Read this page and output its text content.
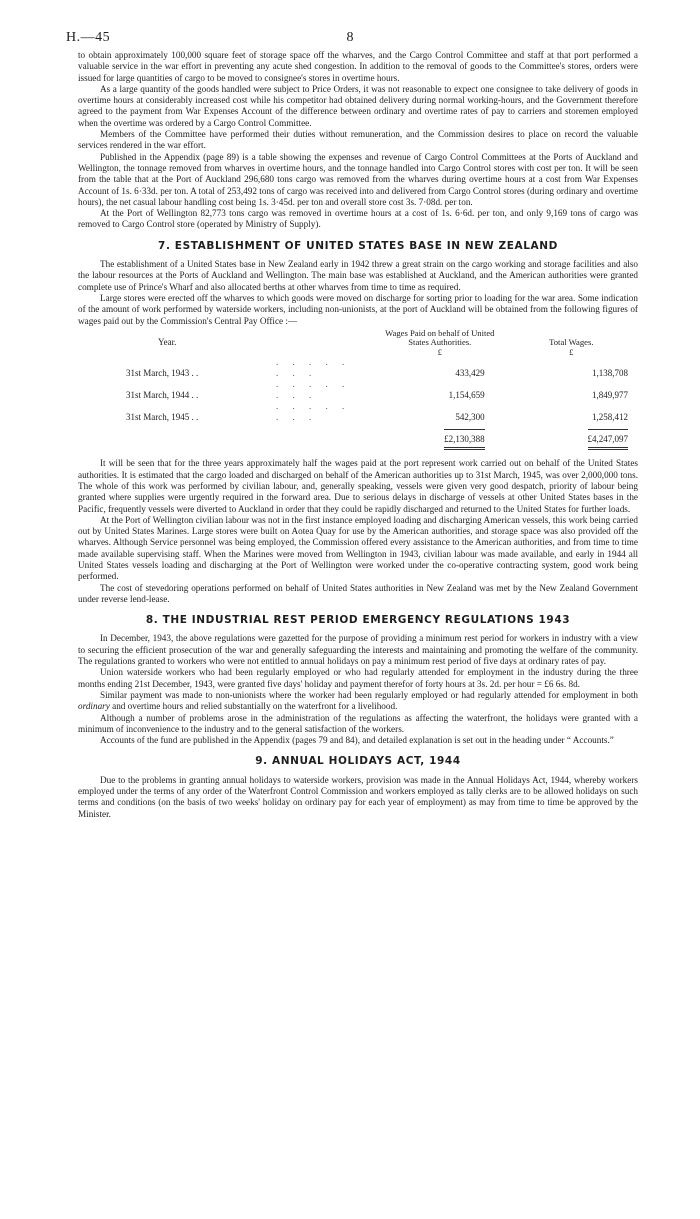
H.—45	8

to obtain approximately 100,000 square feet of storage space off the wharves, and the Cargo Control Committee and staff at that port performed a valuable service in the war effort in preventing any acute shed congestion. In addition to the removal of goods to the Committee's stores, orders were issued for large quantities of cargo to be moved to consignee's stores in overtime hours.

As a large quantity of the goods handled were subject to Price Orders, it was not reasonable to expect one consignee to take delivery of goods in overtime hours at considerably increased cost while his competitor had obtained delivery during normal working-hours, and the Government therefore agreed to the payment from War Expenses Account of the difference between ordinary and overtime rates of pay to carriers and storemen employed when the overtime was ordered by a Cargo Control Committee.

Members of the Committee have performed their duties without remuneration, and the Commission desires to place on record the valuable services rendered in the war effort.

Published in the Appendix (page 89) is a table showing the expenses and revenue of Cargo Control Committees at the Ports of Auckland and Wellington, the tonnage removed from wharves in overtime hours, and the tonnage handled into Cargo Control stores with cost per ton. It will be seen from the table that at the Port of Auckland 296,680 tons cargo was removed from the wharves during overtime hours at a cost from War Expenses Account of 1s. 6·33d. per ton. A total of 253,492 tons of cargo was received into and delivered from Cargo Control stores (during ordinary and overtime hours), the net casual labour handling cost being 1s. 3·45d. per ton and overall store cost 3s. 7·08d. per ton.

At the Port of Wellington 82,773 tons cargo was removed in overtime hours at a cost of 1s. 6·6d. per ton, and only 9,169 tons of cargo was removed to Cargo Control store (operated by Ministry of Supply).

7. ESTABLISHMENT OF UNITED STATES BASE IN NEW ZEALAND

The establishment of a United States base in New Zealand early in 1942 threw a great strain on the cargo working and storage facilities and also the labour resources at the Ports of Auckland and Wellington. The main base was established at Auckland, and the American authorities were granted complete use of Prince's Wharf and also allocated berths at other wharves from time to time as required.

Large stores were erected off the wharves to which goods were moved on discharge for sorting prior to loading for the war area. Some indication of the amount of work performed by waterside workers, including non-unionists, at the port of Auckland will be obtained from the following figures of wages paid out by the Commission's Central Pay Office :—

Year.		Wages Paid on behalf of United States Authorities.	Total Wages.
		£	£
31st March, 1943 . .	. . . . . . . .	433,429	1,138,708
31st March, 1944 . .	. . . . . . . .	1,154,659	1,849,977
31st March, 1945 . .	. . . . . . . .	542,300	1,258,412
		£2,130,388	£4,247,097

It will be seen that for the three years approximately half the wages paid at the port represent work carried out on behalf of the United States authorities. It is estimated that the cargo loaded and discharged on behalf of the American authorities up to 31st March, 1945, was over 2,000,000 tons. The whole of this work was performed by civilian labour, and, generally speaking, vessels were given very good despatch, priority of labour being granted where supplies were urgently required in the forward area. Due to serious delays in discharge of vessels at other United States bases in the Pacific, frequently vessels were diverted to Auckland in order that they could be rapidly discharged and returned to the United States for further loads.

At the Port of Wellington civilian labour was not in the first instance employed loading and discharging American vessels, this work being carried out by United States Marines. Large stores were built on Aotea Quay for use by the American authorities, and storage space was also provided off the wharves. Although Service personnel was being employed, the Commission offered every assistance to the American authorities, and from time to time made available supervising staff. When the Marines were moved from Wellington in 1943, civilian labour was made available, and early in 1944 all United States vessels loading and discharging at the Port of Wellington were worked under the co-operative contracting system, good work being performed.

The cost of stevedoring operations performed on behalf of United States authorities in New Zealand was met by the New Zealand Government under reverse lend-lease.

8. THE INDUSTRIAL REST PERIOD EMERGENCY REGULATIONS 1943

In December, 1943, the above regulations were gazetted for the purpose of providing a minimum rest period for workers in industry with a view to securing the efficient prosecution of the war and generally safeguarding the interests and maintaining and promoting the welfare of the community. The regulations granted to workers who were not entitled to annual holidays on pay a minimum rest period of five days at ordinary rates of pay.

Union waterside workers who had been regularly employed or who had regularly attended for employment in the industry during the three months ending 21st December, 1943, were granted five days' holiday and payment therefor of forty hours at 3s. 2d. per hour = £6 6s. 8d.

Similar payment was made to non-unionists where the worker had been regularly employed or had regularly attended for employment in both ordinary and overtime hours and relied substantially on the waterfront for a livelihood.

Although a number of problems arose in the administration of the regulations as affecting the waterfront, the holidays were granted with a minimum of inconvenience to the industry and to the general satisfaction of the workers.

Accounts of the fund are published in the Appendix (pages 79 and 84), and detailed explanation is set out in the heading under “ Accounts.”

9. ANNUAL HOLIDAYS ACT, 1944

Due to the problems in granting annual holidays to waterside workers, provision was made in the Annual Holidays Act, 1944, whereby workers employed under the terms of any order of the Waterfront Control Commission and workers employed as tally clerks are to be allowed holidays on such terms and conditions (on the basis of two weeks' holiday on ordinary pay for each year of employment) as may from time to time be approved by the Minister.
